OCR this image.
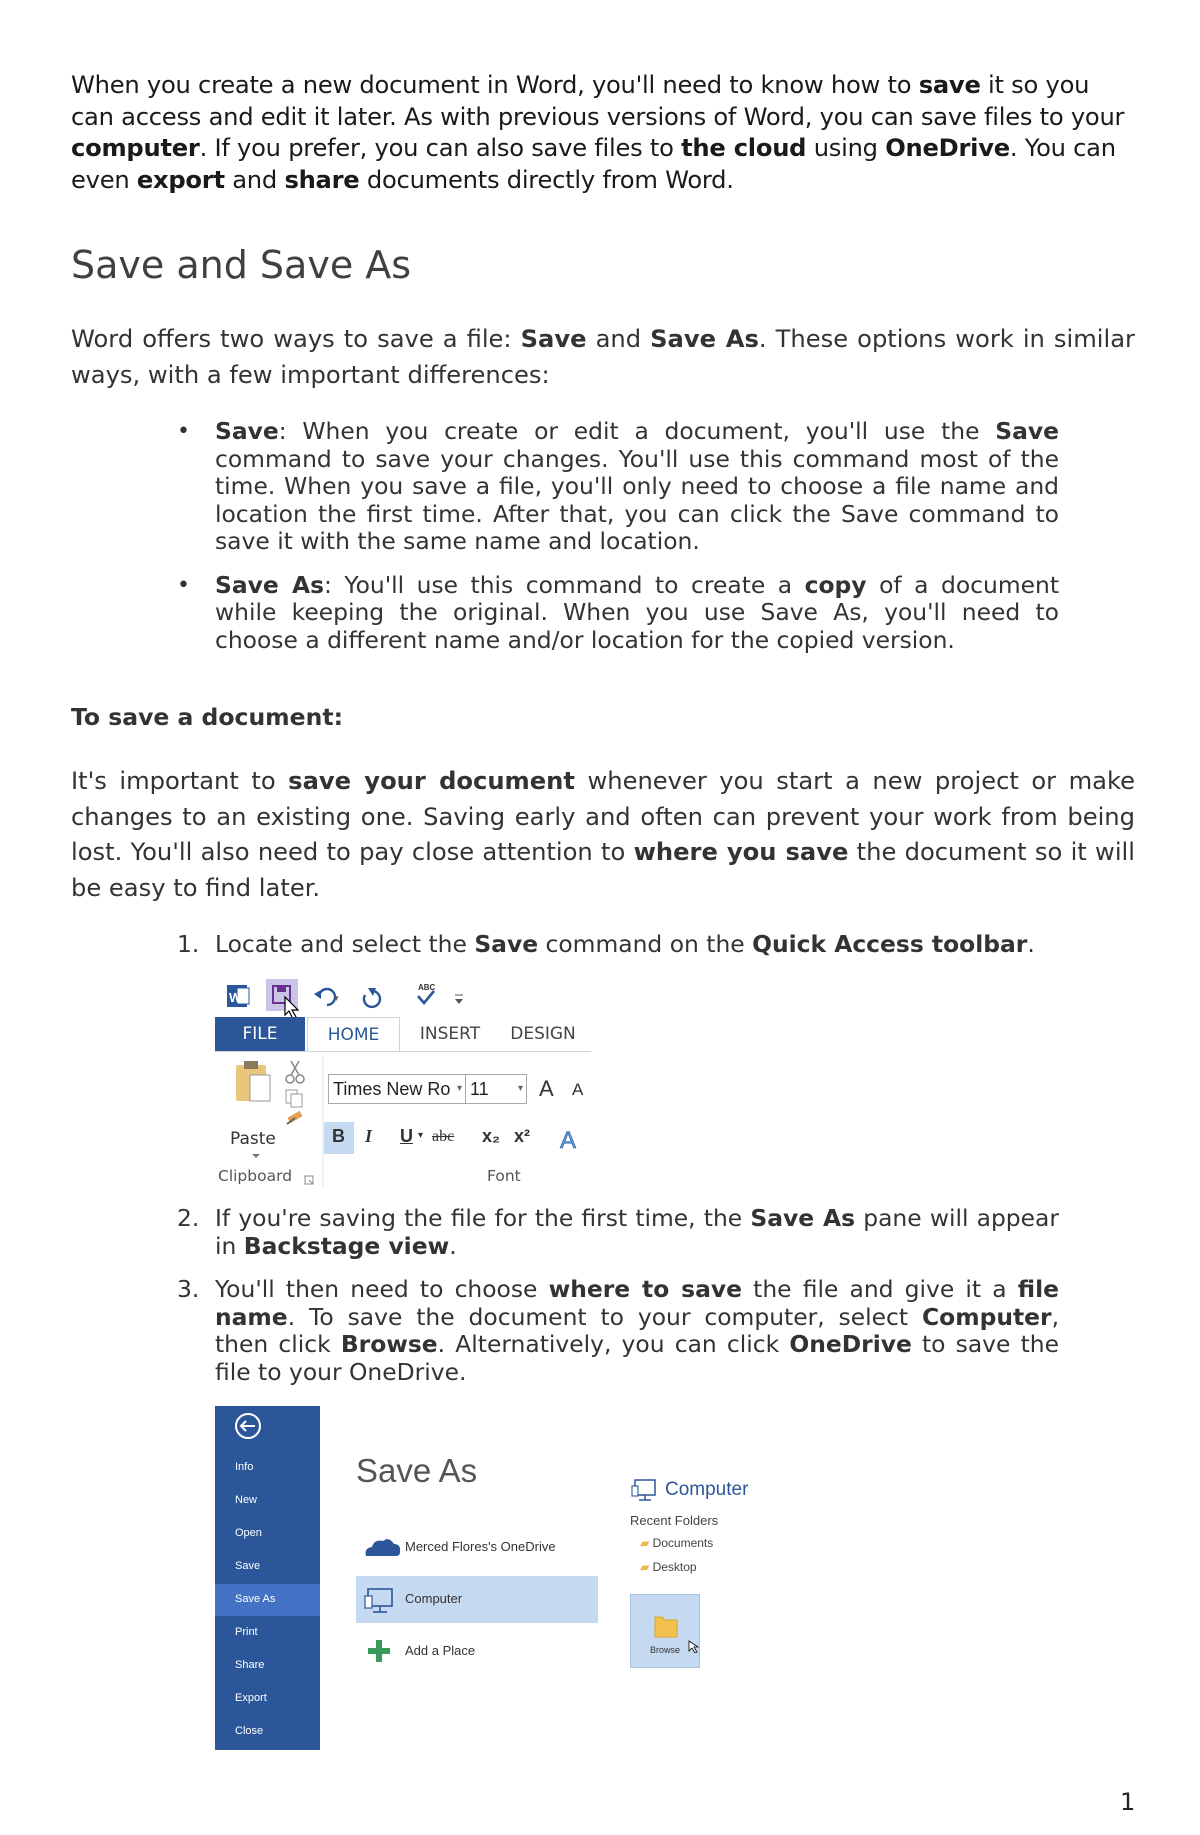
When you create a new document in Word, you'll need to know how to save it so you can access and edit it later. As with previous versions of Word, you can save files to your computer. If you prefer, you can also save files to the cloud using OneDrive. You can even export and share documents directly from Word.
Save and Save As
Word offers two ways to save a file: Save and Save As. These options work in similar ways, with a few important differences:
• Save: When you create or edit a document, you'll use the Save command to save your changes. You'll use this command most of the time. When you save a file, you'll only need to choose a file name and location the first time. After that, you can click the Save command to save it with the same name and location.
• Save As: You'll use this command to create a copy of a document while keeping the original. When you use Save As, you'll need to choose a different name and/or location for the copied version.
To save a document:
It's important to save your document whenever you start a new project or make changes to an existing one. Saving early and often can prevent your work from being lost. You'll also need to pay close attention to where you save the document so it will be easy to find later.
1. Locate and select the Save command on the Quick Access toolbar.
W	▾
ABC
FILE	HOME	INSERT	DESIGN
A
Paste
Clipboard	Font
Times New Ro ▾ 11	▾ A A
B I U ▾ abc x₂ x²
2. If you're saving the file for the first time, the Save As pane will appear in Backstage view.
3. You'll then need to choose where to save the file and give it a file name. To save the document to your computer, select Computer, then click Browse. Alternatively, you can click OneDrive to save the file to your OneDrive.
Info
New
Open
Save
Save As
Print
Share
Export
Close
Save As
Merced Flores's OneDrive
Computer
Add a Place
Computer
Recent Folders
▰ Documents
▰ Desktop
Browse
1
